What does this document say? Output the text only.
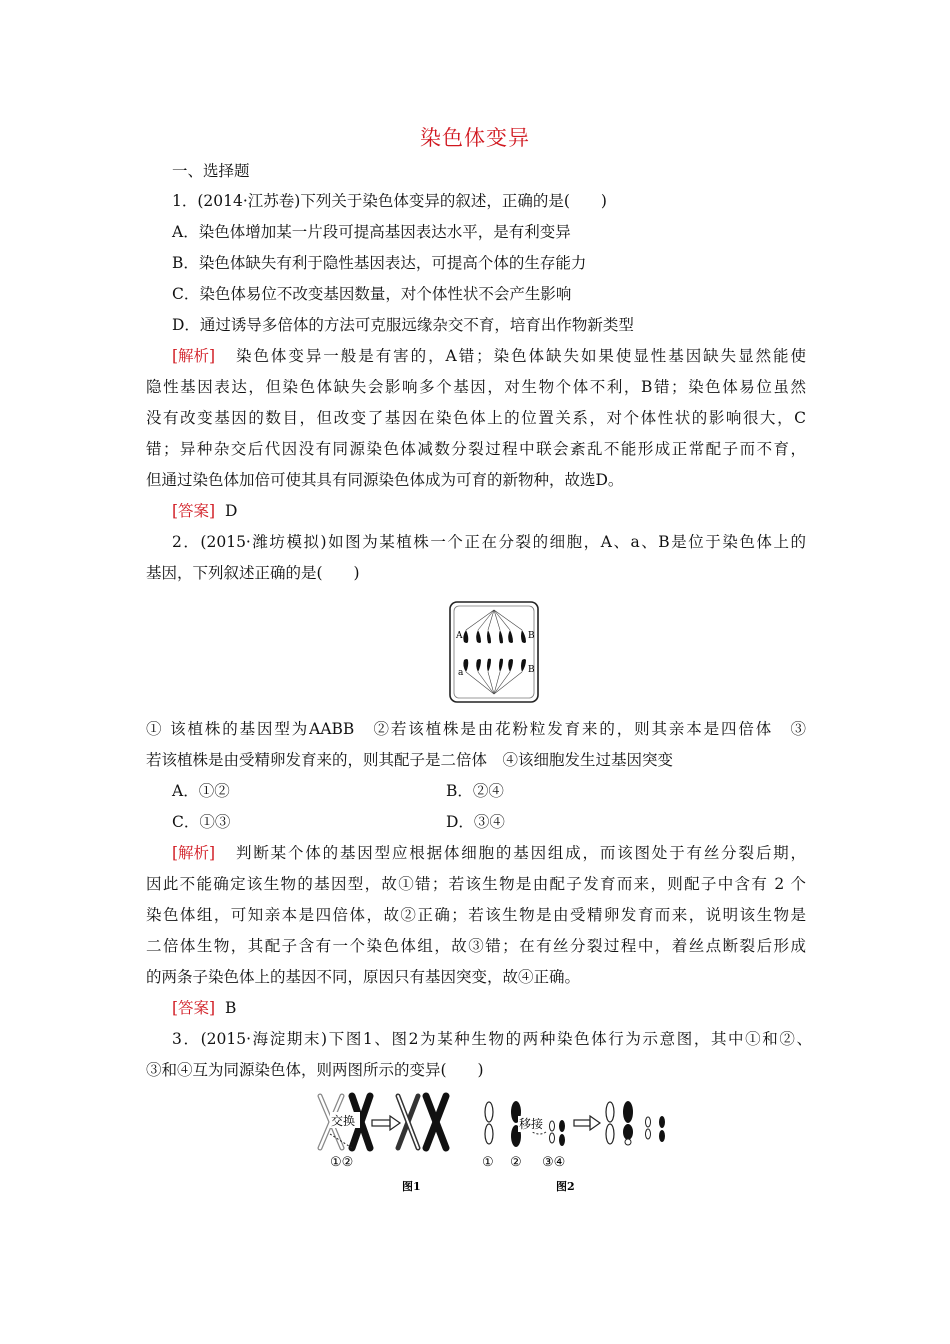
染色体变异
一、选择题
1．(2014·江苏卷)下列关于染色体变异的叙述，正确的是(　　)
A．染色体增加某一片段可提高基因表达水平，是有利变异
B．染色体缺失有利于隐性基因表达，可提高个体的生存能力
C．染色体易位不改变基因数量，对个体性状不会产生影响
D．通过诱导多倍体的方法可克服远缘杂交不育，培育出作物新类型
[解析] 染色体变异一般是有害的，A错；染色体缺失如果使显性基因缺失显然能使
隐性基因表达，但染色体缺失会影响多个基因，对生物个体不利，B错；染色体易位虽然
没有改变基因的数目，但改变了基因在染色体上的位置关系，对个体性状的影响很大，C
错；异种杂交后代因没有同源染色体减数分裂过程中联会紊乱不能形成正常配子而不育，
但通过染色体加倍可使其具有同源染色体成为可育的新物种，故选D。
[答案] D
2．(2015·潍坊模拟)如图为某植株一个正在分裂的细胞，A、a、B是位于染色体上的
基因，下列叙述正确的是(　　)
A	B
a	B
① 该植株的基因型为AABB　②若该植株是由花粉粒发育来的，则其亲本是四倍体　③
若该植株是由受精卵发育来的，则其配子是二倍体　④该细胞发生过基因突变
A．①②	B．②④
C．①③	D．③④
[解析] 判断某个体的基因型应根据体细胞的基因组成，而该图处于有丝分裂后期，
因此不能确定该生物的基因型，故①错；若该生物是由配子发育而来，则配子中含有 2 个
染色体组，可知亲本是四倍体，故②正确；若该生物是由受精卵发育而来，说明该生物是
二倍体生物，其配子含有一个染色体组，故③错；在有丝分裂过程中，着丝点断裂后形成
的两条子染色体上的基因不同，原因只有基因突变，故④正确。
[答案] B
3．(2015·海淀期末)下图1、图2为某种生物的两种染色体行为示意图，其中①和②、
③和④互为同源染色体，则两图所示的变异(　　)
交换
①②
图1
移接
① ② ③④
图2
